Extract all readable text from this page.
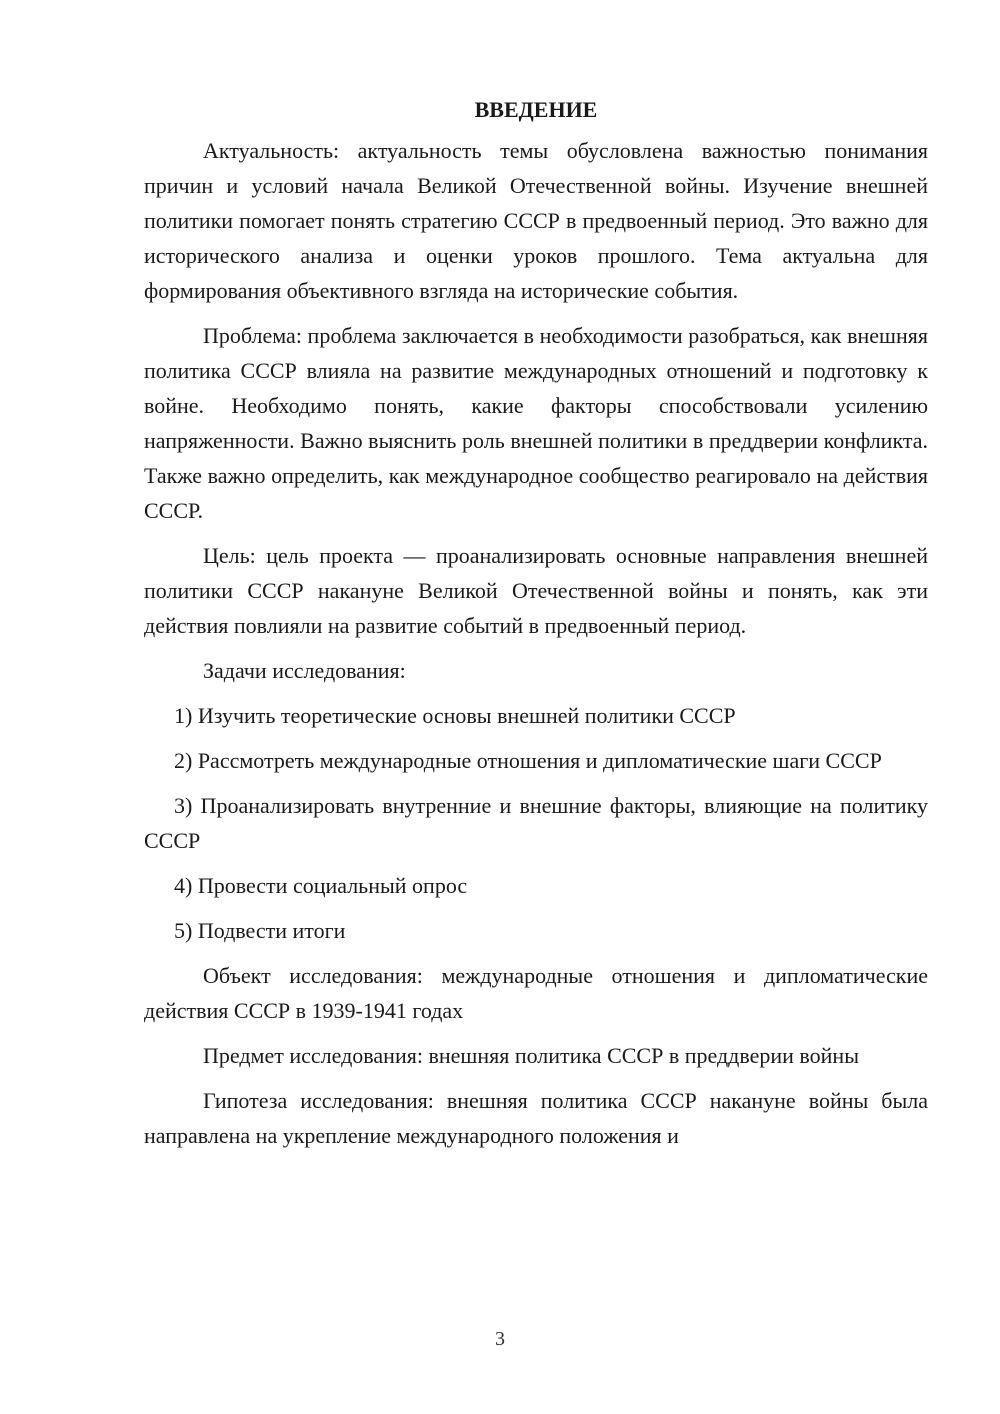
ВВЕДЕНИЕ

Актуальность: актуальность темы обусловлена важностью понимания причин и условий начала Великой Отечественной войны. Изучение внешней политики помогает понять стратегию СССР в предвоенный период. Это важно для исторического анализа и оценки уроков прошлого. Тема актуальна для формирования объективного взгляда на исторические события.

Проблема: проблема заключается в необходимости разобраться, как внешняя политика СССР влияла на развитие международных отношений и подготовку к войне. Необходимо понять, какие факторы способствовали усилению напряженности. Важно выяснить роль внешней политики в преддверии конфликта. Также важно определить, как международное сообщество реагировало на действия СССР.

Цель: цель проекта — проанализировать основные направления внешней политики СССР накануне Великой Отечественной войны и понять, как эти действия повлияли на развитие событий в предвоенный период.

Задачи исследования:

1) Изучить теоретические основы внешней политики СССР

2) Рассмотреть международные отношения и дипломатические шаги СССР

3) Проанализировать внутренние и внешние факторы, влияющие на политику СССР

4) Провести социальный опрос

5) Подвести итоги

Объект исследования: международные отношения и дипломатические действия СССР в 1939-1941 годах

Предмет исследования: внешняя политика СССР в преддверии войны

Гипотеза исследования: внешняя политика СССР накануне войны была направлена на укрепление международного положения и

3
